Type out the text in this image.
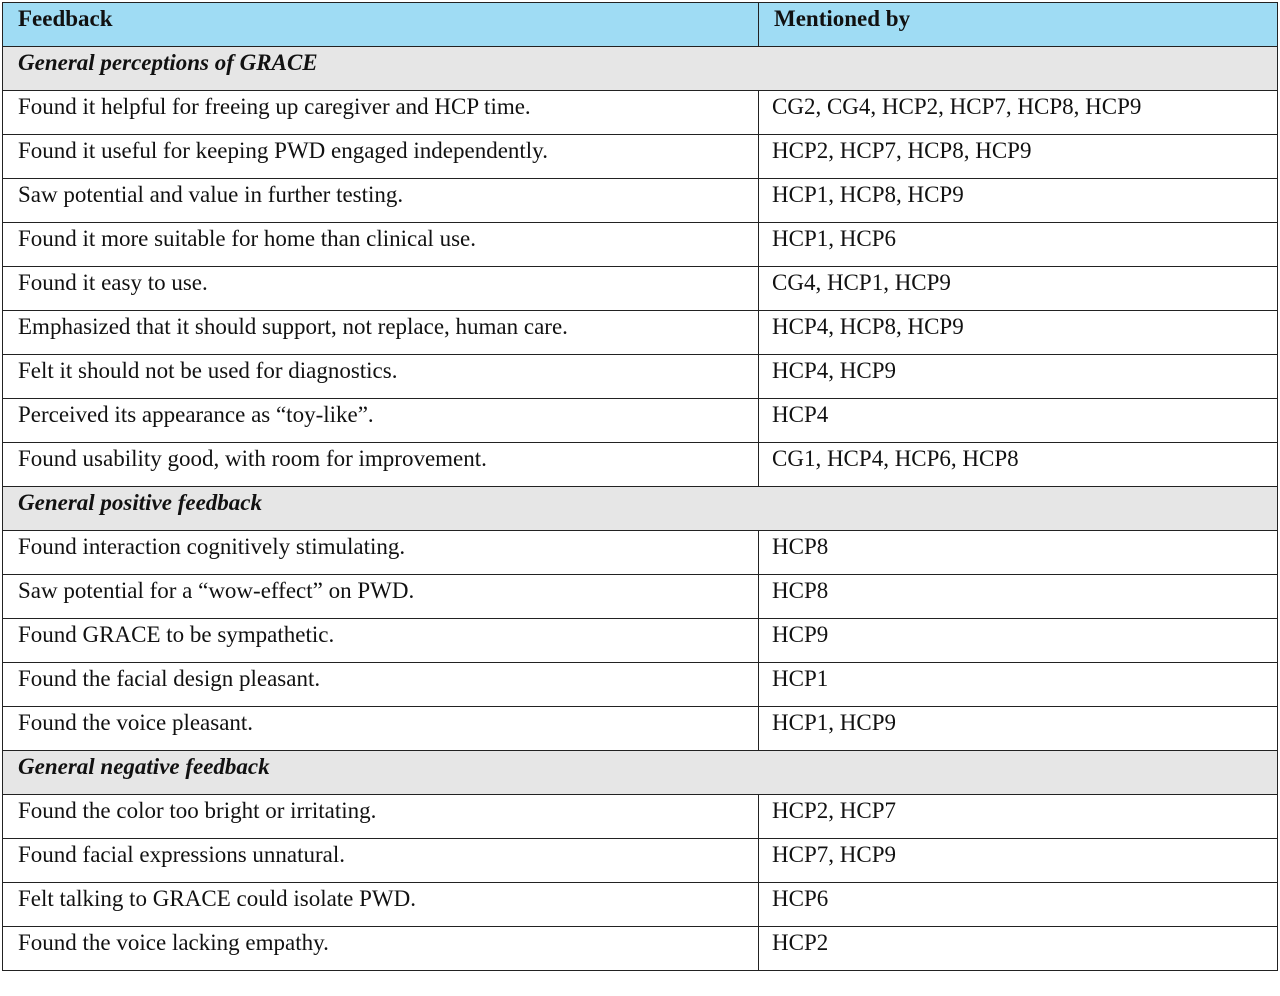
Feedback	Mentioned by
General perceptions of GRACE	
Found it helpful for freeing up caregiver and HCP time.	CG2, CG4, HCP2, HCP7, HCP8, HCP9
Found it useful for keeping PWD engaged independently.	HCP2, HCP7, HCP8, HCP9
Saw potential and value in further testing.	HCP1, HCP8, HCP9
Found it more suitable for home than clinical use.	HCP1, HCP6
Found it easy to use.	CG4, HCP1, HCP9
Emphasized that it should support, not replace, human care.	HCP4, HCP8, HCP9
Felt it should not be used for diagnostics.	HCP4, HCP9
Perceived its appearance as “toy-like”.	HCP4
Found usability good, with room for improvement.	CG1, HCP4, HCP6, HCP8
General positive feedback	
Found interaction cognitively stimulating.	HCP8
Saw potential for a “wow-effect” on PWD.	HCP8
Found GRACE to be sympathetic.	HCP9
Found the facial design pleasant.	HCP1
Found the voice pleasant.	HCP1, HCP9
General negative feedback	
Found the color too bright or irritating.	HCP2, HCP7
Found facial expressions unnatural.	HCP7, HCP9
Felt talking to GRACE could isolate PWD.	HCP6
Found the voice lacking empathy.	HCP2
